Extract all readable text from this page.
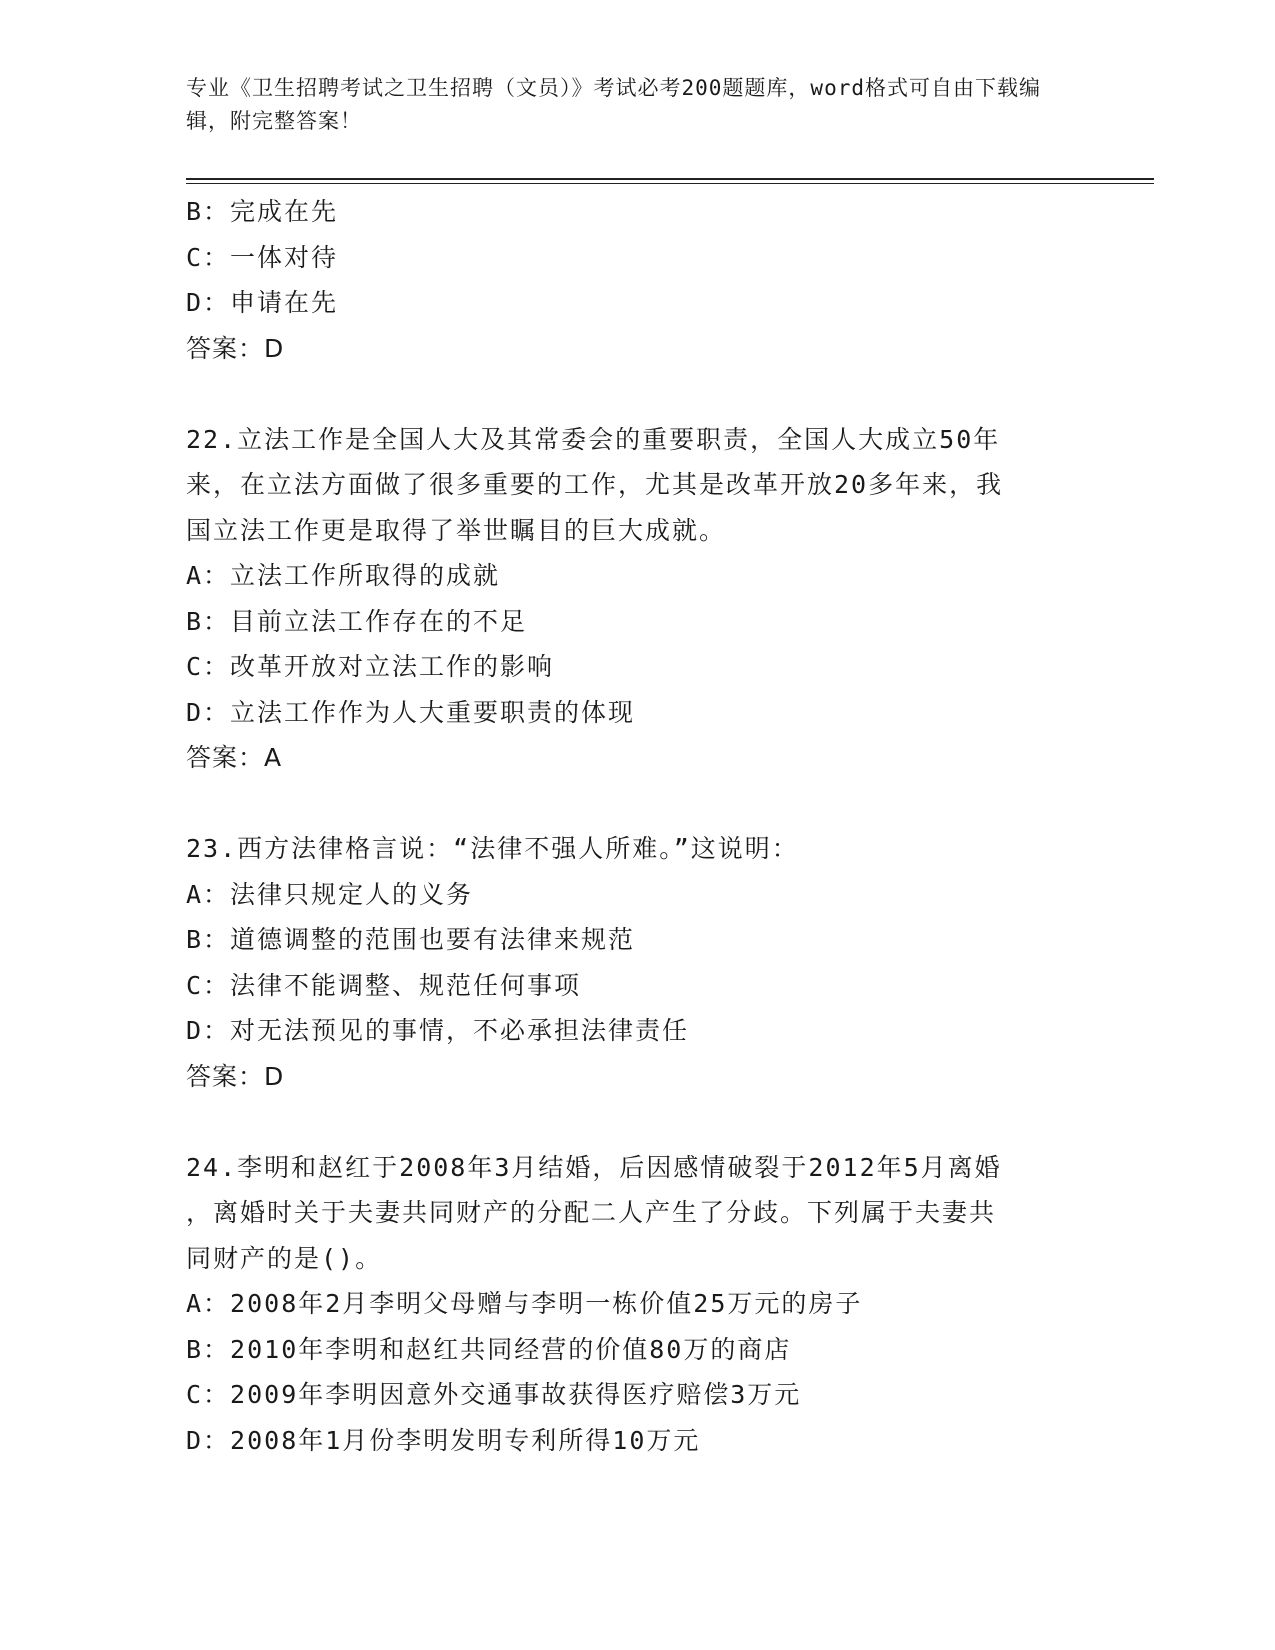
专业《卫生招聘考试之卫生招聘（文员）》考试必考200题题库，word格式可自由下载编辑，附完整答案！
B：完成在先
C：一体对待
D：申请在先
答案：D
22.立法工作是全国人大及其常委会的重要职责，全国人大成立50年
来，在立法方面做了很多重要的工作，尤其是改革开放20多年来，我
国立法工作更是取得了举世瞩目的巨大成就。
A：立法工作所取得的成就
B：目前立法工作存在的不足
C：改革开放对立法工作的影响
D：立法工作作为人大重要职责的体现
答案：A
23.西方法律格言说：“法律不强人所难。”这说明：
A：法律只规定人的义务
B：道德调整的范围也要有法律来规范
C：法律不能调整、规范任何事项
D：对无法预见的事情，不必承担法律责任
答案：D
24.李明和赵红于2008年3月结婚，后因感情破裂于2012年5月离婚
，离婚时关于夫妻共同财产的分配二人产生了分歧。下列属于夫妻共
同财产的是()。
A：2008年2月李明父母赠与李明一栋价值25万元的房子
B：2010年李明和赵红共同经营的价值80万的商店
C：2009年李明因意外交通事故获得医疗赔偿3万元
D：2008年1月份李明发明专利所得10万元
